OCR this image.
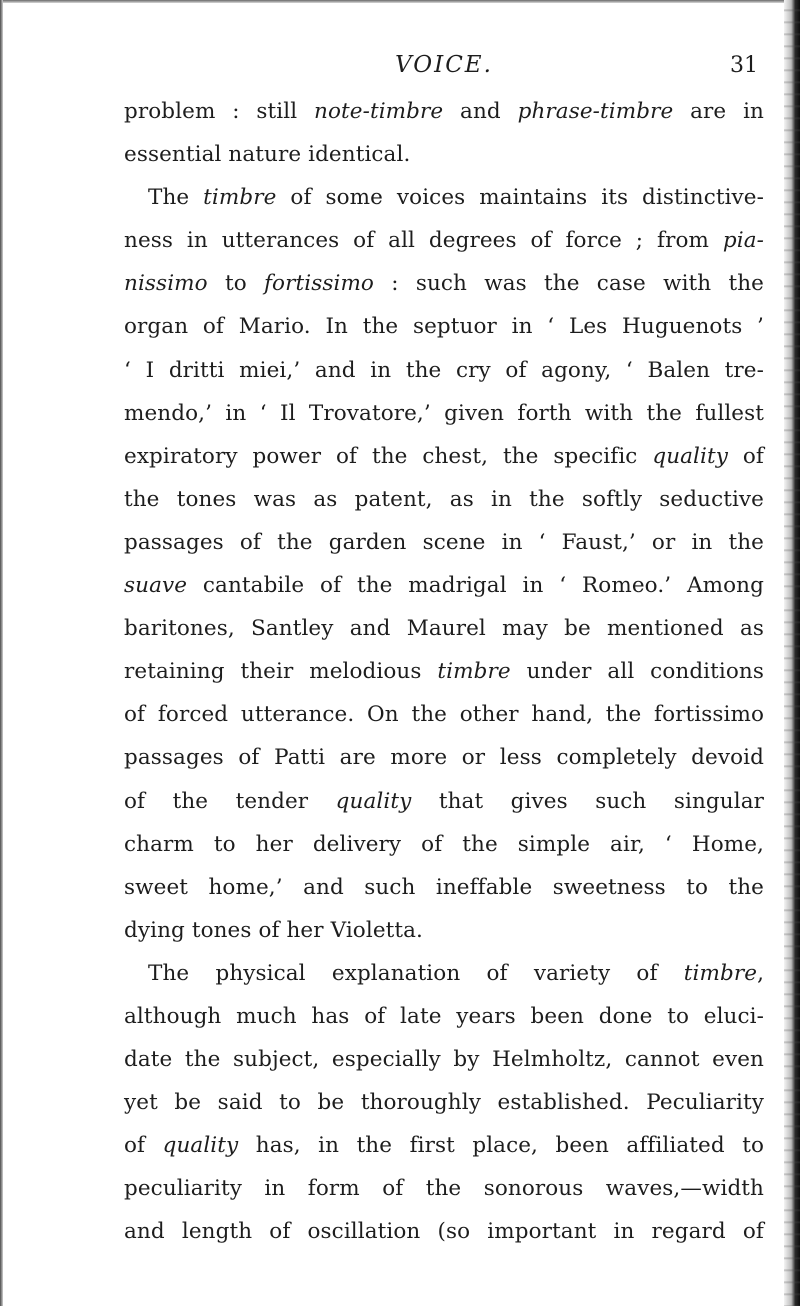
VOICE.	31
problem : still note-timbre and phrase-timbre are in
essential nature identical.
The timbre of some voices maintains its distinctive-
ness in utterances of all degrees of force ; from pia-
nissimo to fortissimo : such was the case with the
organ of Mario. In the septuor in ‘ Les Huguenots ’
‘ I dritti miei,’ and in the cry of agony, ‘ Balen tre-
mendo,’ in ‘ Il Trovatore,’ given forth with the fullest
expiratory power of the chest, the specific quality of
the tones was as patent, as in the softly seductive
passages of the garden scene in ‘ Faust,’ or in the
suave cantabile of the madrigal in ‘ Romeo.’ Among
baritones, Santley and Maurel may be mentioned as
retaining their melodious timbre under all conditions
of forced utterance. On the other hand, the fortissimo
passages of Patti are more or less completely devoid
of the tender quality that gives such singular
charm to her delivery of the simple air, ‘ Home,
sweet home,’ and such ineffable sweetness to the
dying tones of her Violetta.
The physical explanation of variety of timbre,
although much has of late years been done to eluci-
date the subject, especially by Helmholtz, cannot even
yet be said to be thoroughly established. Peculiarity
of quality has, in the first place, been affiliated to
peculiarity in form of the sonorous waves,—width
and length of oscillation (so important in regard of
